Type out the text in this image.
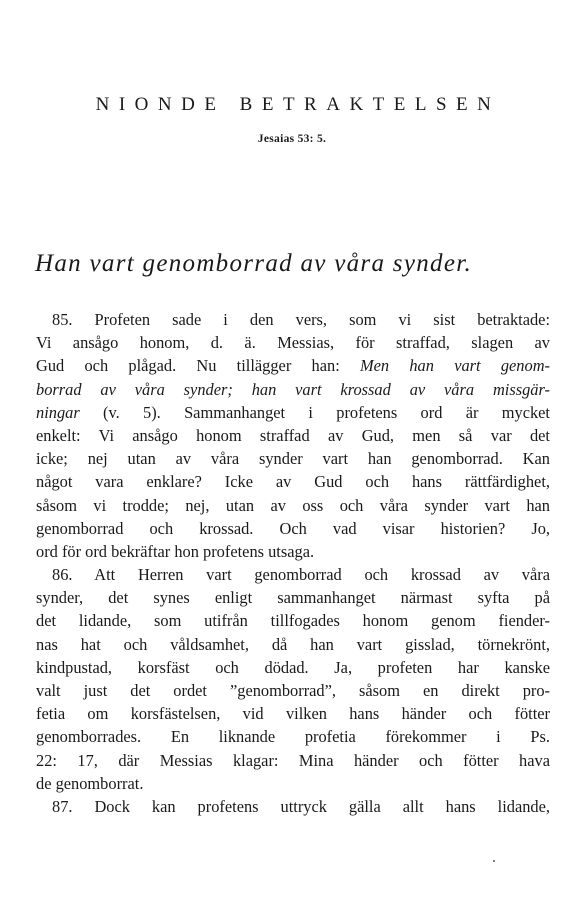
NIONDE BETRAKTELSEN
Jesaias 53: 5.
Han vart genomborrad av våra synder.
85. Profeten sade i den vers, som vi sist betraktade:
Vi ansågo honom, d. ä. Messias, för straffad, slagen av
Gud och plågad. Nu tillägger han: Men han vart genom-
borrad av våra synder; han vart krossad av våra missgär-
ningar (v. 5). Sammanhanget i profetens ord är mycket
enkelt: Vi ansågo honom straffad av Gud, men så var det
icke; nej utan av våra synder vart han genomborrad. Kan
något vara enklare? Icke av Gud och hans rättfärdighet,
såsom vi trodde; nej, utan av oss och våra synder vart han
genomborrad och krossad. Och vad visar historien? Jo,
ord för ord bekräftar hon profetens utsaga.
86. Att Herren vart genomborrad och krossad av våra
synder, det synes enligt sammanhanget närmast syfta på
det lidande, som utifrån tillfogades honom genom fiender-
nas hat och våldsamhet, då han vart gisslad, törnekrönt,
kindpustad, korsfäst och dödad. Ja, profeten har kanske
valt just det ordet ”genomborrad”, såsom en direkt pro-
fetia om korsfästelsen, vid vilken hans händer och fötter
genomborrades. En liknande profetia förekommer i Ps.
22: 17, där Messias klagar: Mina händer och fötter hava
de genomborrat.
87. Dock kan profetens uttryck gälla allt hans lidande,
